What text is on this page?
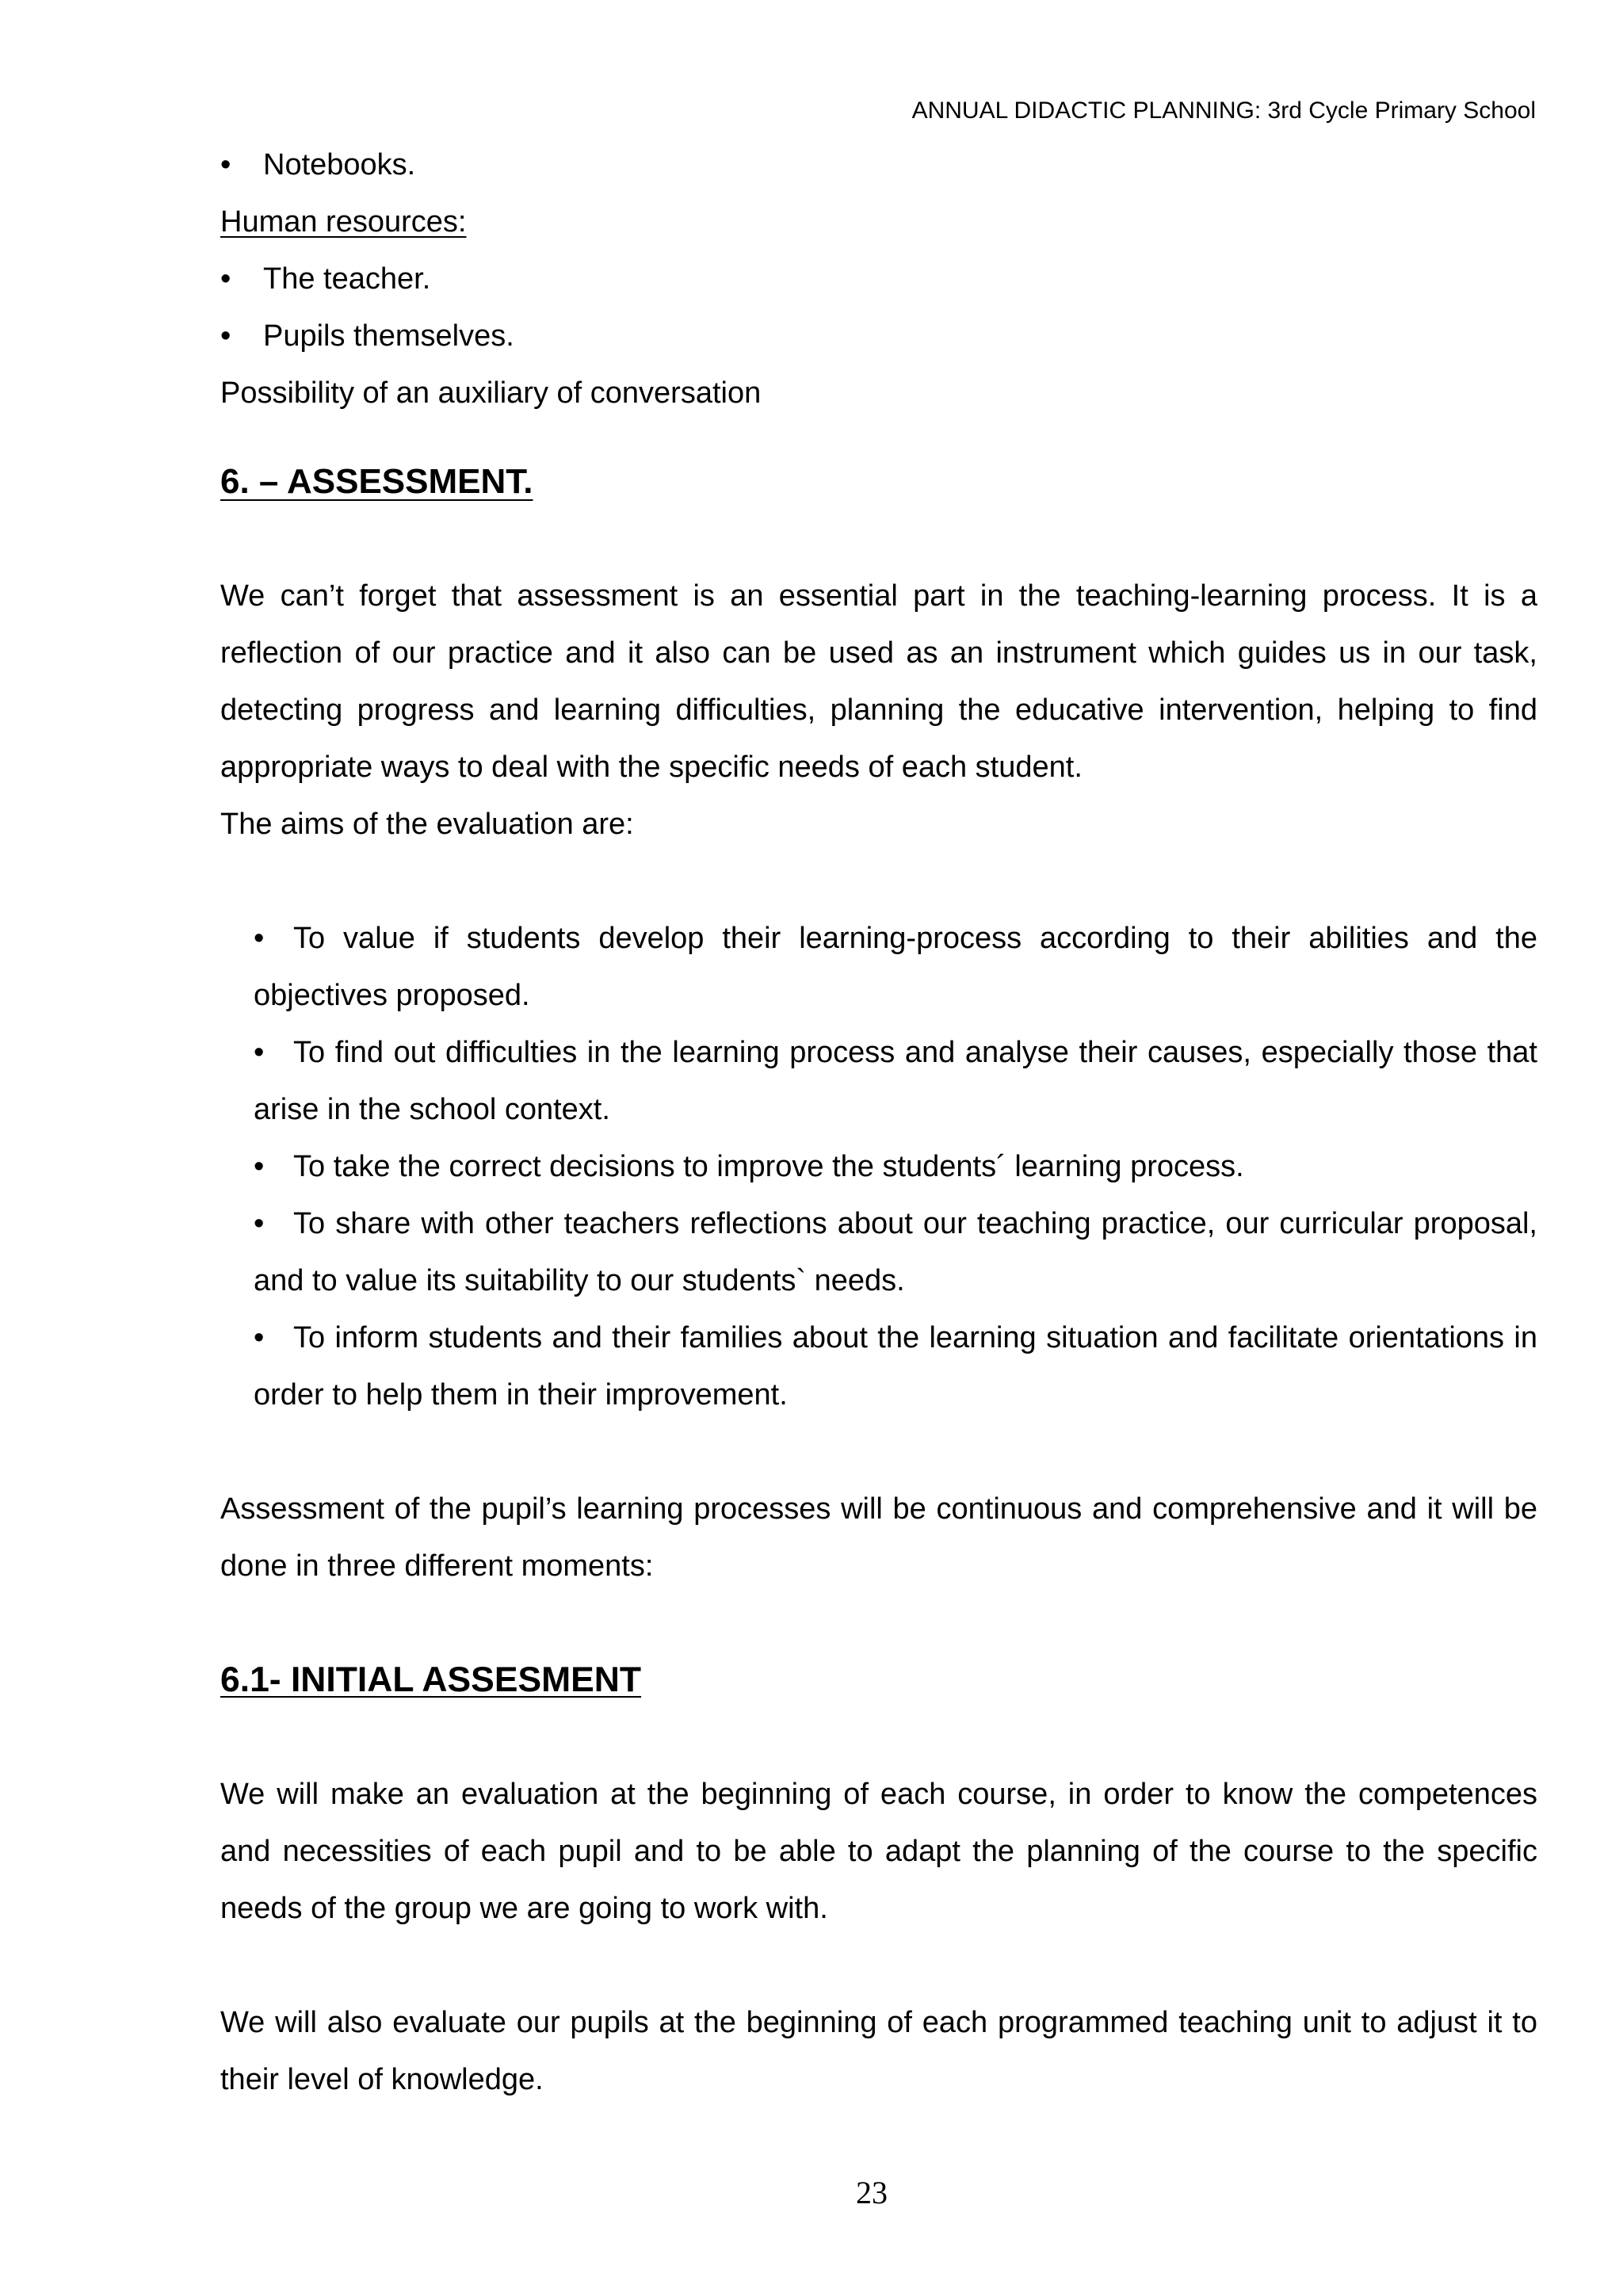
ANNUAL DIDACTIC PLANNING: 3rd Cycle Primary School

•	Notebooks.

Human resources:

•	The teacher.

•	Pupils themselves.

Possibility of an auxiliary of conversation

6. – ASSESSMENT.

We can’t forget that assessment is an essential part in the teaching-learning process. It is a reflection of our practice and it also can be used as an instrument which guides us in our task, detecting progress and learning difficulties, planning the educative intervention, helping to find appropriate ways to deal with the specific needs of each student.

The aims of the evaluation are:

• To value if students develop their learning-process according to their abilities and the objectives proposed.

• To find out difficulties in the learning process and analyse their causes, especially those that arise in the school context.

• To take the correct decisions to improve the students´ learning process.

• To share with other teachers reflections about our teaching practice, our curricular proposal, and to value its suitability to our students` needs.

• To inform students and their families about the learning situation and facilitate orientations in order to help them in their improvement.

Assessment of the pupil’s learning processes will be continuous and comprehensive and it will be done in three different moments:

6.1- INITIAL ASSESMENT

We will make an evaluation at the beginning of each course, in order to know the competences and necessities of each pupil and to be able to adapt the planning of the course to the specific needs of the group we are going to work with.

We will also evaluate our pupils at the beginning of each programmed teaching unit to adjust it to their level of knowledge.

23
